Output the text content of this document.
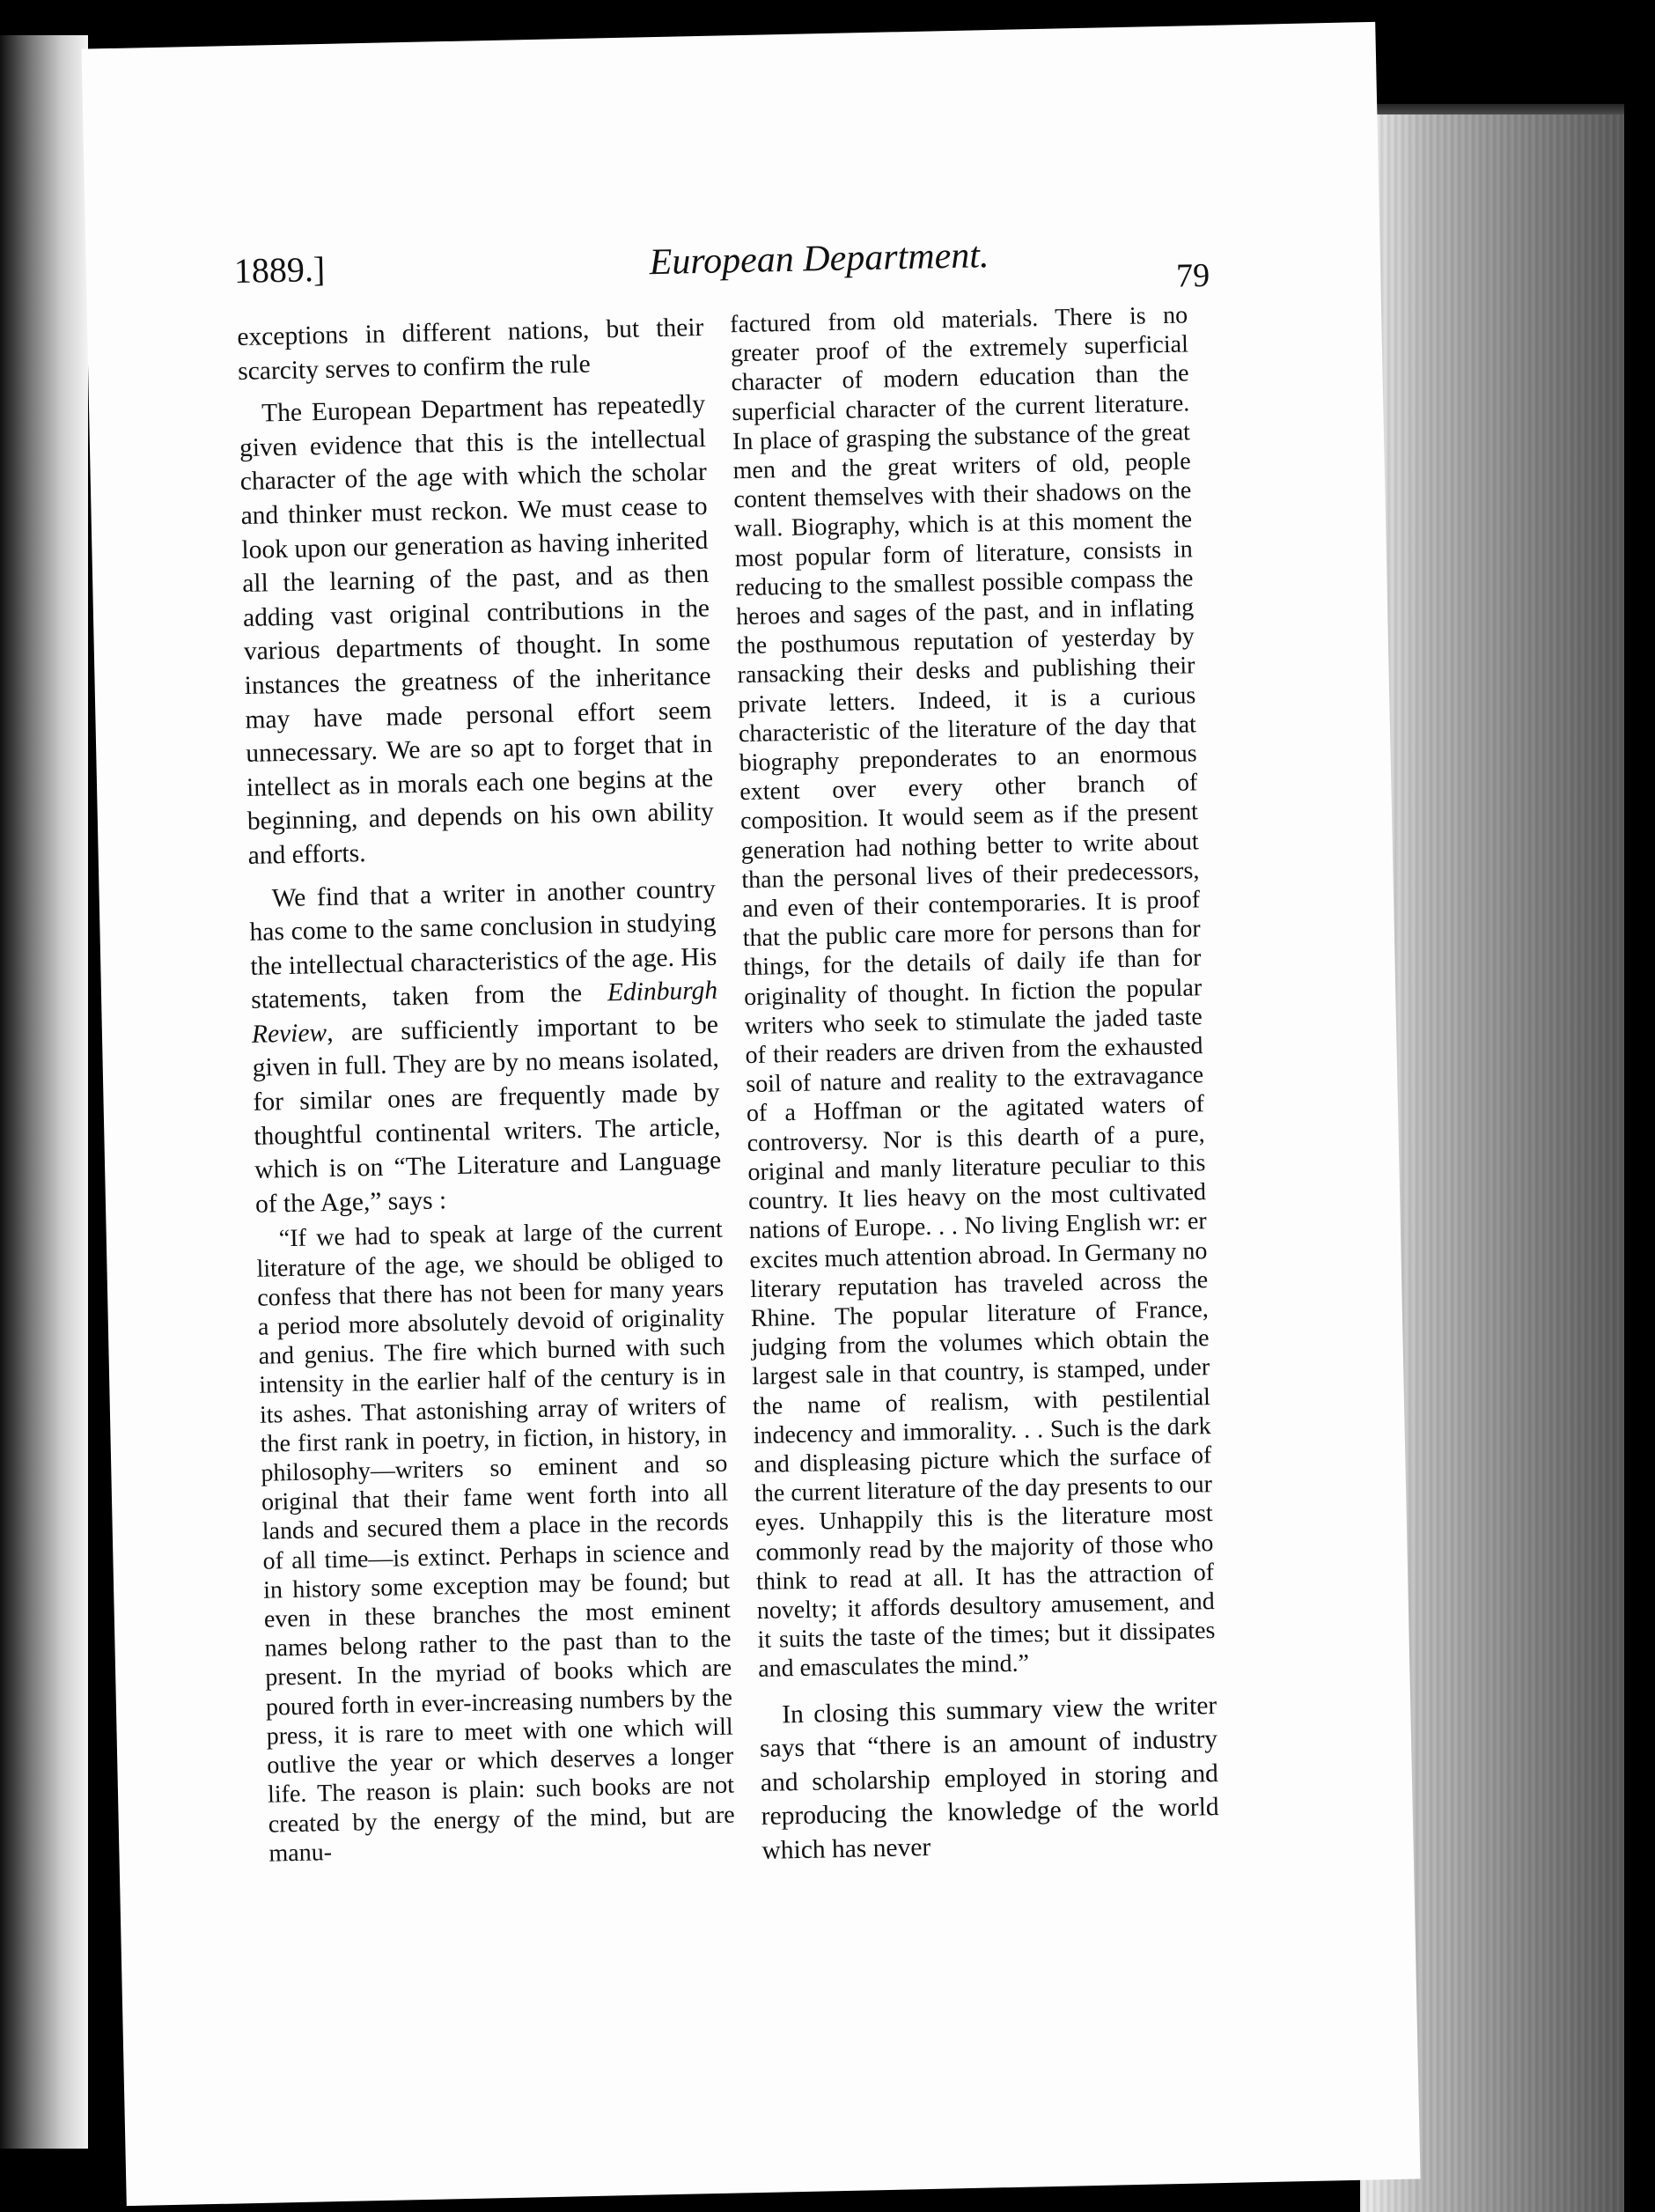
1889.]	European Department.	79

exceptions in different nations, but their scarcity serves to confirm the rule

The European Department has repeatedly given evidence that this is the intellectual character of the age with which the scholar and thinker must reckon. We must cease to look upon our generation as having inherited all the learning of the past, and as then adding vast original contributions in the various departments of thought. In some instances the greatness of the inheritance may have made personal effort seem unnecessary. We are so apt to forget that in intellect as in morals each one begins at the beginning, and depends on his own ability and efforts.

We find that a writer in another country has come to the same conclusion in studying the intellectual characteristics of the age. His statements, taken from the Edinburgh Review, are sufficiently important to be given in full. They are by no means isolated, for similar ones are frequently made by thoughtful continental writers. The article, which is on “The Literature and Language of the Age,” says :

“If we had to speak at large of the current literature of the age, we should be obliged to confess that there has not been for many years a period more absolutely devoid of originality and genius. The fire which burned with such intensity in the earlier half of the century is in its ashes. That astonishing array of writers of the first rank in poetry, in fiction, in history, in philosophy—writers so eminent and so original that their fame went forth into all lands and secured them a place in the records of all time—is extinct. Perhaps in science and in history some exception may be found; but even in these branches the most eminent names belong rather to the past than to the present. In the myriad of books which are poured forth in ever-increasing numbers by the press, it is rare to meet with one which will outlive the year or which deserves a longer life. The reason is plain: such books are not created by the energy of the mind, but are manu-

factured from old materials. There is no greater proof of the extremely superficial character of modern education than the superficial character of the current literature. In place of grasping the substance of the great men and the great writers of old, people content themselves with their shadows on the wall. Biography, which is at this moment the most popular form of literature, consists in reducing to the smallest possible compass the heroes and sages of the past, and in inflating the posthumous reputation of yesterday by ransacking their desks and publishing their private letters. Indeed, it is a curious characteristic of the literature of the day that biography preponderates to an enormous extent over every other branch of composition. It would seem as if the present generation had nothing better to write about than the personal lives of their predecessors, and even of their contemporaries. It is proof that the public care more for persons than for things, for the details of daily ife than for originality of thought. In fiction the popular writers who seek to stimulate the jaded taste of their readers are driven from the exhausted soil of nature and reality to the extravagance of a Hoffman or the agitated waters of controversy. Nor is this dearth of a pure, original and manly literature peculiar to this country. It lies heavy on the most cultivated nations of Europe. . . No living English wr: er excites much attention abroad. In Germany no literary reputation has traveled across the Rhine. The popular literature of France, judging from the volumes which obtain the largest sale in that country, is stamped, under the name of realism, with pestilential indecency and immorality. . . Such is the dark and displeasing picture which the surface of the current literature of the day presents to our eyes. Unhappily this is the literature most commonly read by the majority of those who think to read at all. It has the attraction of novelty; it affords desultory amusement, and it suits the taste of the times; but it dissipates and emasculates the mind.”

In closing this summary view the writer says that “there is an amount of industry and scholarship employed in storing and reproducing the knowledge of the world which has never
